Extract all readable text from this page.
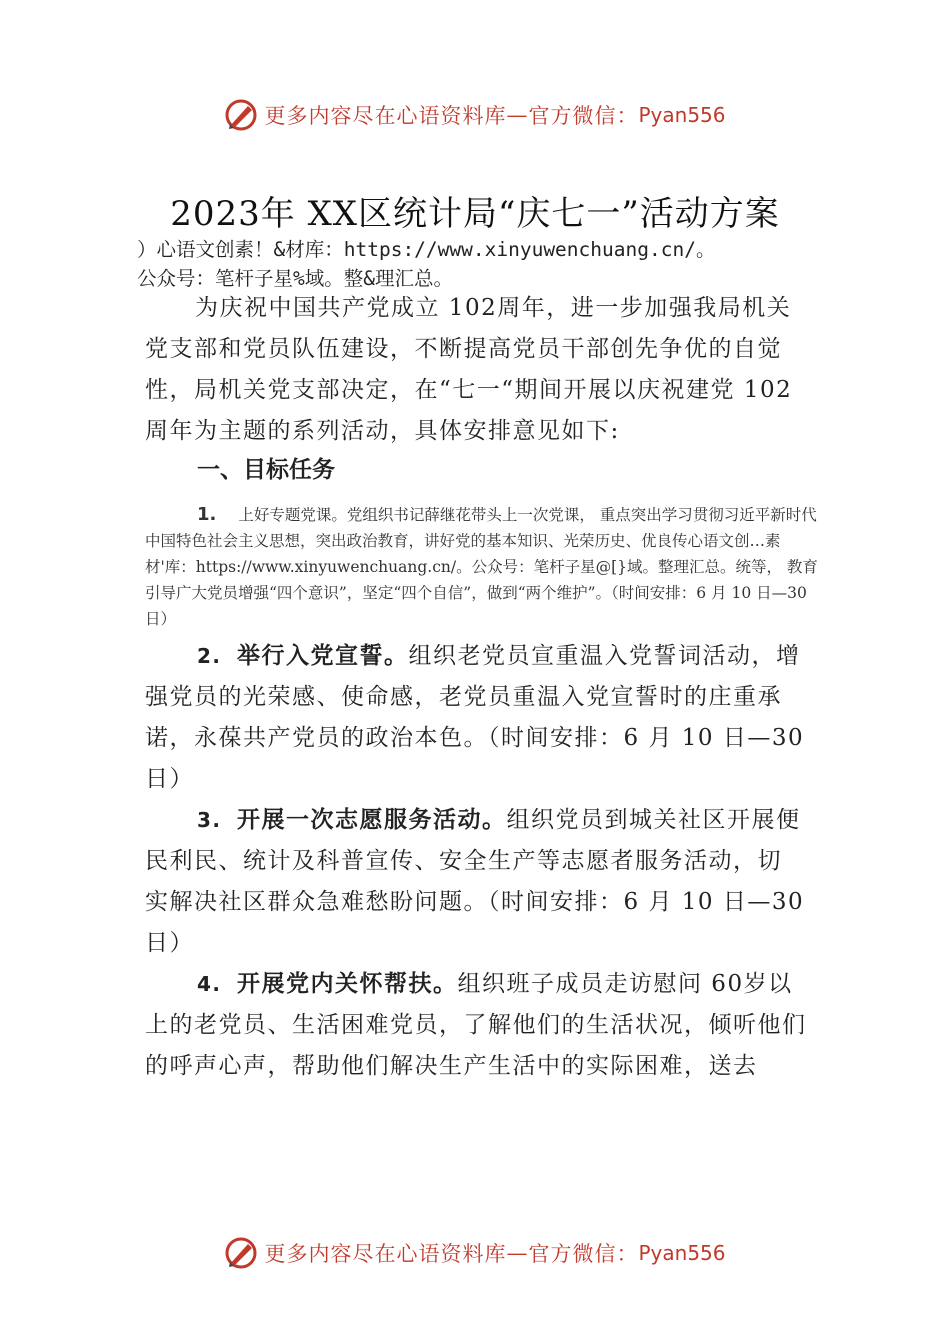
更多内容尽在心语资料库 — 官方微信： Pyan556
2023年 XX区统计局“庆七一”活动方案
）心语文创素！&材库：https://www.xinyuwenchuang.cn/。
公众号：笔杆子星%域。整&理汇总。
为庆祝中国共产党成立 102周年，进一步加强我局机关党支部和党员队伍建设，不断提高党员干部创先争优的自觉性，局机关党支部决定，在“七一“期间开展以庆祝建党 102周年为主题的系列活动，具体安排意见如下:
一、目标任务
1. 上好专题党课。党组织书记薛继花带头上一次党课， 重点突出学习贯彻习近平新时代中国特色社会主义思想，突出政治教育，讲好党的基本知识、光荣历史、优良传心语文创…素材'库：https://www.xinyuwenchuang.cn/。公众号：笔杆子星@[}域。整理汇总。统等， 教育引导广大党员增强“四个意识”，坚定“四个自信”，做到“两个维护”。（时间安排：6 月 10 日—30 日）
2. 举行入党宣誓。组织老党员宣重温入党誓词活动，增强党员的光荣感、使命感，老党员重温入党宣誓时的庄重承诺，永葆共产党员的政治本色。（时间安排：6 月 10 日—30 日）
3. 开展一次志愿服务活动。组织党员到城关社区开展便民利民、统计及科普宣传、安全生产等志愿者服务活动，切 实解决社区群众急难愁盼问题。（时间安排：6 月 10 日—30 日）
4. 开展党内关怀帮扶。组织班子成员走访慰问 60岁以上的老党员、生活困难党员，了解他们的生活状况，倾听他们的呼声心声，帮助他们解决生产生活中的实际困难，送去
更多内容尽在心语资料库 — 官方微信： Pyan556
